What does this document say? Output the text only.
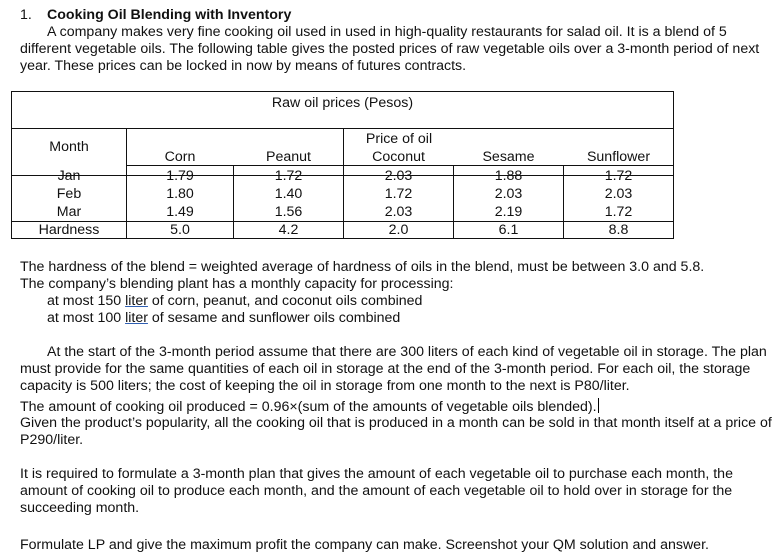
1. Cooking Oil Blending with Inventory

A company makes very fine cooking oil used in used in high-quality restaurants for salad oil. It is a blend of 5 different vegetable oils. The following table gives the posted prices of raw vegetable oils over a 3-month period of next year. These prices can be locked in now by means of futures contracts.

Raw oil prices (Pesos)
Month	Price of oil
Corn	Peanut	Coconut	Sesame	Sunflower
Jan	1.79	1.72	2.03	1.88	1.72
Feb	1.80	1.40	1.72	2.03	2.03
Mar	1.49	1.56	2.03	2.19	1.72
Hardness	5.0	4.2	2.0	6.1	8.8

The hardness of the blend = weighted average of hardness of oils in the blend, must be between 3.0 and 5.8.

The company’s blending plant has a monthly capacity for processing:

at most 150 liter of corn, peanut, and coconut oils combined

at most 100 liter of sesame and sunflower oils combined

At the start of the 3-month period assume that there are 300 liters of each kind of vegetable oil in storage. The plan must provide for the same quantities of each oil in storage at the end of the 3-month period. For each oil, the storage capacity is 500 liters; the cost of keeping the oil in storage from one month to the next is P80/liter.

The amount of cooking oil produced = 0.96×(sum of the amounts of vegetable oils blended).

Given the product’s popularity, all the cooking oil that is produced in a month can be sold in that month itself at a price of P290/liter.

It is required to formulate a 3-month plan that gives the amount of each vegetable oil to purchase each month, the amount of cooking oil to produce each month, and the amount of each vegetable oil to hold over in storage for the succeeding month.

Formulate LP and give the maximum profit the company can make. Screenshot your QM solution and answer.
